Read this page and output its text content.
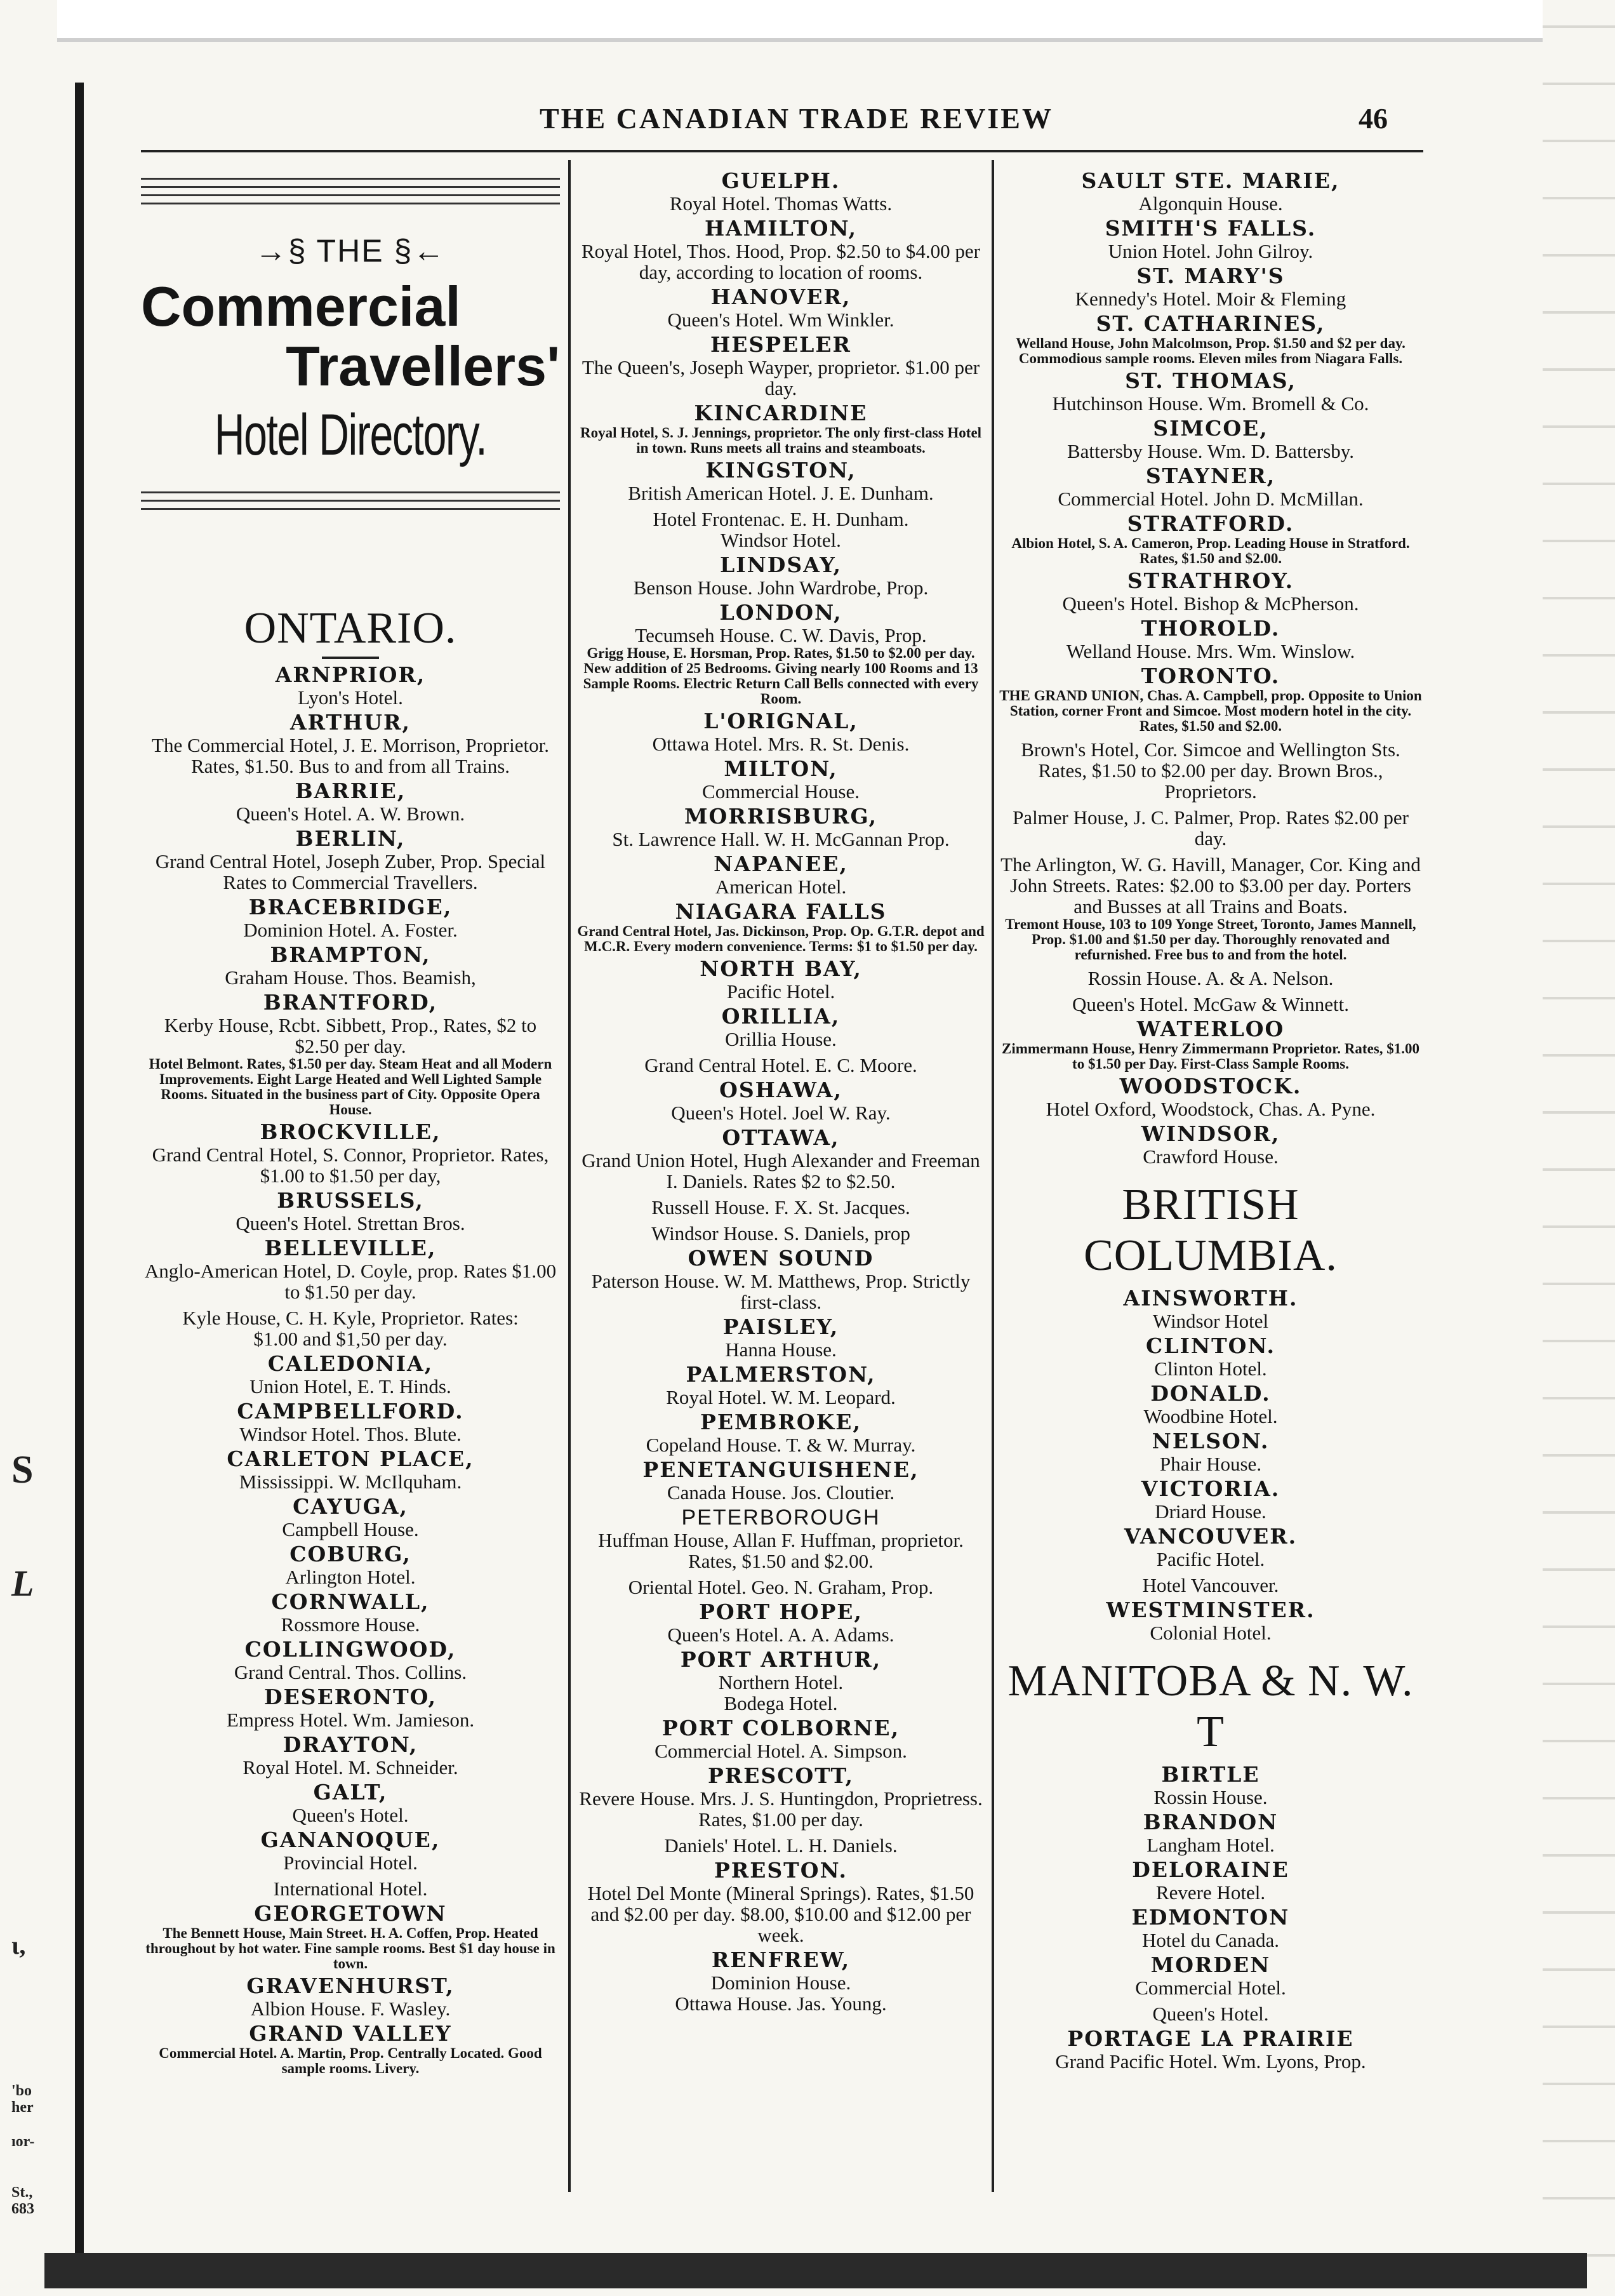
S
L
ɩ,
'bo
her
ıor-
St.,
683
THE CANADIAN TRADE REVIEW	46
→§ THE §←
Commercial
Travellers'
Hotel Directory.
ONTARIO.
ARNPRIOR,
Lyon's Hotel.
ARTHUR,
The Commercial Hotel, J. E. Morrison, Proprietor. Rates, $1.50. Bus to and from all Trains.
BARRIE,
Queen's Hotel. A. W. Brown.
BERLIN,
Grand Central Hotel, Joseph Zuber, Prop. Special Rates to Commercial Travellers.
BRACEBRIDGE,
Dominion Hotel. A. Foster.
BRAMPTON,
Graham House. Thos. Beamish,
BRANTFORD,
Kerby House, Rcbt. Sibbett, Prop., Rates, $2 to $2.50 per day.
Hotel Belmont. Rates, $1.50 per day. Steam Heat and all Modern Improvements. Eight Large Heated and Well Lighted Sample Rooms. Situated in the business part of City. Opposite Opera House.
BROCKVILLE,
Grand Central Hotel, S. Connor, Proprietor. Rates, $1.00 to $1.50 per day,
BRUSSELS,
Queen's Hotel. Strettan Bros.
BELLEVILLE,
Anglo-American Hotel, D. Coyle, prop. Rates $1.00 to $1.50 per day.
Kyle House, C. H. Kyle, Proprietor. Rates:
$1.00 and $1,50 per day.
CALEDONIA,
Union Hotel, E. T. Hinds.
CAMPBELLFORD.
Windsor Hotel. Thos. Blute.
CARLETON PLACE,
Mississippi. W. McIlquham.
CAYUGA,
Campbell House.
COBURG,
Arlington Hotel.
CORNWALL,
Rossmore House.
COLLINGWOOD,
Grand Central. Thos. Collins.
DESERONTO,
Empress Hotel. Wm. Jamieson.
DRAYTON,
Royal Hotel. M. Schneider.
GALT,
Queen's Hotel.
GANANOQUE,
Provincial Hotel.
International Hotel.
GEORGETOWN
The Bennett House, Main Street. H. A. Coffen, Prop. Heated throughout by hot water. Fine sample rooms. Best $1 day house in town.
GRAVENHURST,
Albion House. F. Wasley.
GRAND VALLEY
Commercial Hotel. A. Martin, Prop. Centrally Located. Good sample rooms. Livery.
GUELPH.
Royal Hotel. Thomas Watts.
HAMILTON,
Royal Hotel, Thos. Hood, Prop. $2.50 to $4.00 per day, according to location of rooms.
HANOVER,
Queen's Hotel. Wm Winkler.
HESPELER
The Queen's, Joseph Wayper, proprietor. $1.00 per day.
KINCARDINE
Royal Hotel, S. J. Jennings, proprietor. The only first-class Hotel in town. Runs meets all trains and steamboats.
KINGSTON,
British American Hotel. J. E. Dunham.
Hotel Frontenac. E. H. Dunham.
Windsor Hotel.
LINDSAY,
Benson House. John Wardrobe, Prop.
LONDON,
Tecumseh House. C. W. Davis, Prop.
Grigg House, E. Horsman, Prop. Rates, $1.50 to $2.00 per day. New addition of 25 Bedrooms. Giving nearly 100 Rooms and 13 Sample Rooms. Electric Return Call Bells connected with every Room.
L'ORIGNAL,
Ottawa Hotel. Mrs. R. St. Denis.
MILTON,
Commercial House.
MORRISBURG,
St. Lawrence Hall. W. H. McGannan Prop.
NAPANEE,
American Hotel.
NIAGARA FALLS
Grand Central Hotel, Jas. Dickinson, Prop. Op. G.T.R. depot and M.C.R. Every modern convenience. Terms: $1 to $1.50 per day.
NORTH BAY,
Pacific Hotel.
ORILLIA,
Orillia House.
Grand Central Hotel. E. C. Moore.
OSHAWA,
Queen's Hotel. Joel W. Ray.
OTTAWA,
Grand Union Hotel, Hugh Alexander and Freeman I. Daniels. Rates $2 to $2.50.
Russell House. F. X. St. Jacques.
Windsor House. S. Daniels, prop
OWEN SOUND
Paterson House. W. M. Matthews, Prop. Strictly first-class.
PAISLEY,
Hanna House.
PALMERSTON,
Royal Hotel. W. M. Leopard.
PEMBROKE,
Copeland House. T. & W. Murray.
PENETANGUISHENE,
Canada House. Jos. Cloutier.
PETERBOROUGH
Huffman House, Allan F. Huffman, proprietor. Rates, $1.50 and $2.00.
Oriental Hotel. Geo. N. Graham, Prop.
PORT HOPE,
Queen's Hotel. A. A. Adams.
PORT ARTHUR,
Northern Hotel.
Bodega Hotel.
PORT COLBORNE,
Commercial Hotel. A. Simpson.
PRESCOTT,
Revere House. Mrs. J. S. Huntingdon, Proprietress. Rates, $1.00 per day.
Daniels' Hotel. L. H. Daniels.
PRESTON.
Hotel Del Monte (Mineral Springs). Rates, $1.50 and $2.00 per day. $8.00, $10.00 and $12.00 per week.
RENFREW,
Dominion House.
Ottawa House. Jas. Young.
SAULT STE. MARIE,
Algonquin House.
SMITH'S FALLS.
Union Hotel. John Gilroy.
ST. MARY'S
Kennedy's Hotel. Moir & Fleming
ST. CATHARINES,
Welland House, John Malcolmson, Prop. $1.50 and $2 per day. Commodious sample rooms. Eleven miles from Niagara Falls.
ST. THOMAS,
Hutchinson House. Wm. Bromell & Co.
SIMCOE,
Battersby House. Wm. D. Battersby.
STAYNER,
Commercial Hotel. John D. McMillan.
STRATFORD.
Albion Hotel, S. A. Cameron, Prop. Leading House in Stratford. Rates, $1.50 and $2.00.
STRATHROY.
Queen's Hotel. Bishop & McPherson.
THOROLD.
Welland House. Mrs. Wm. Winslow.
TORONTO.
THE GRAND UNION, Chas. A. Campbell, prop. Opposite to Union Station, corner Front and Simcoe. Most modern hotel in the city. Rates, $1.50 and $2.00.
Brown's Hotel, Cor. Simcoe and Wellington Sts. Rates, $1.50 to $2.00 per day. Brown Bros., Proprietors.
Palmer House, J. C. Palmer, Prop. Rates $2.00 per day.
The Arlington, W. G. Havill, Manager, Cor. King and John Streets. Rates: $2.00 to $3.00 per day. Porters and Busses at all Trains and Boats.
Tremont House, 103 to 109 Yonge Street, Toronto, James Mannell, Prop. $1.00 and $1.50 per day. Thoroughly renovated and refurnished. Free bus to and from the hotel.
Rossin House. A. & A. Nelson.
Queen's Hotel. McGaw & Winnett.
WATERLOO
Zimmermann House, Henry Zimmermann Proprietor. Rates, $1.00 to $1.50 per Day. First-Class Sample Rooms.
WOODSTOCK.
Hotel Oxford, Woodstock, Chas. A. Pyne.
WINDSOR,
Crawford House.
BRITISH COLUMBIA.
AINSWORTH.
Windsor Hotel
CLINTON.
Clinton Hotel.
DONALD.
Woodbine Hotel.
NELSON.
Phair House.
VICTORIA.
Driard House.
VANCOUVER.
Pacific Hotel.
Hotel Vancouver.
WESTMINSTER.
Colonial Hotel.
MANITOBA & N. W. T
BIRTLE
Rossin House.
BRANDON
Langham Hotel.
DELORAINE
Revere Hotel.
EDMONTON
Hotel du Canada.
MORDEN
Commercial Hotel.
Queen's Hotel.
PORTAGE LA PRAIRIE
Grand Pacific Hotel. Wm. Lyons, Prop.
